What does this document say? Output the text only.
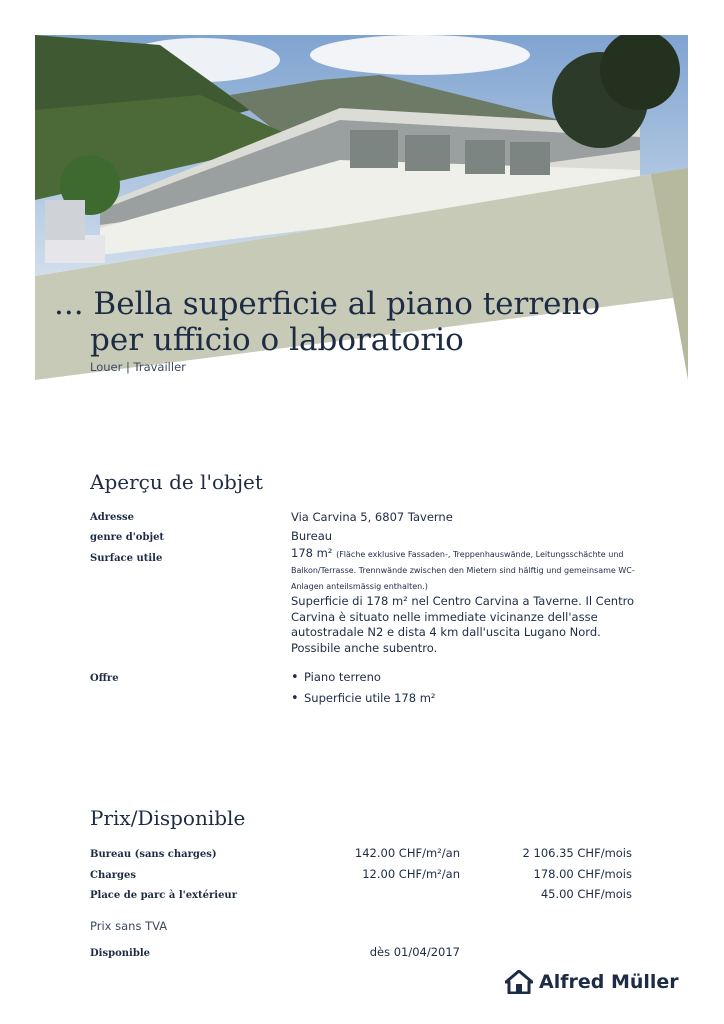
... Bella superficie al piano terreno
per ufficio o laboratorio
Louer | Travailler
Aperçu de l'objet
Adresse	Via Carvina 5, 6807 Taverne
genre d'objet	Bureau
Surface utile	178 m² (Fläche exklusive Fassaden-, Treppenhauswände, Leitungsschächte und Balkon/Terrasse. Trennwände zwischen den Mietern sind hälftig und gemeinsame WC-Anlagen anteilsmässig enthalten.)
Superficie di 178 m² nel Centro Carvina a Taverne. Il Centro Carvina è situato nelle immediate vicinanze dell'asse autostradale N2 e dista 4 km dall'uscita Lugano Nord. Possibile anche subentro.
Offre
•	Piano terreno
• Superficie utile 178 m²
Prix/Disponible
Bureau (sans charges)	142.00 CHF/m²/an	2 106.35 CHF/mois
Charges	12.00 CHF/m²/an	178.00 CHF/mois
Place de parc à l'extérieur	45.00 CHF/mois
Prix sans TVA
Disponible	dès 01/04/2017
Alfred Müller
